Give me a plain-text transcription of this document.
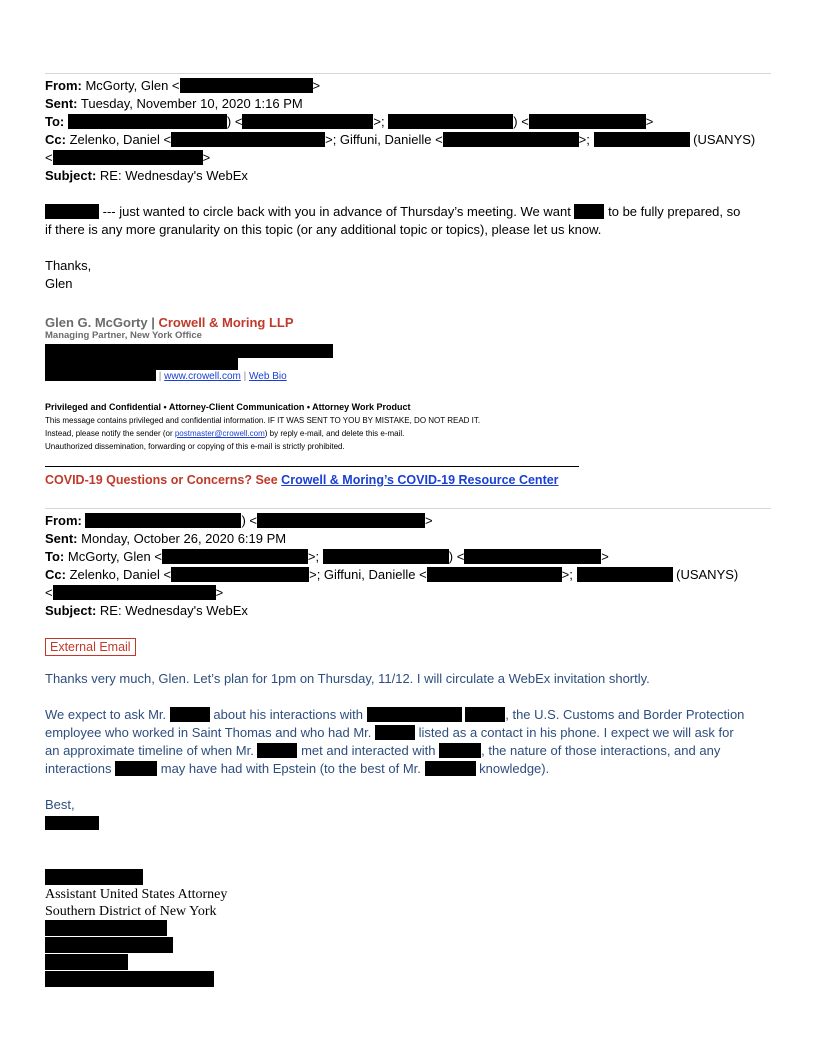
From: McGorty, Glen <	>
Sent: Tuesday, November 10, 2020 1:16 PM
To:	) <	>;	) <	>
Cc: Zelenko, Daniel <	>; Giffuni, Danielle <	>;	(USANYS)
<	>
Subject: RE: Wednesday's WebEx
--- just wanted to circle back with you in advance of Thursday’s meeting. We want	to be fully prepared, so
if there is any more granularity on this topic (or any additional topic or topics), please let us know.
Thanks,
Glen
Glen G. McGorty | Crowell & Moring LLP
Managing Partner, New York Office
| www.crowell.com | Web Bio
Privileged and Confidential • Attorney-Client Communication • Attorney Work Product
This message contains privileged and confidential information. IF IT WAS SENT TO YOU BY MISTAKE, DO NOT READ IT.
Instead, please notify the sender (or postmaster@crowell.com) by reply e-mail, and delete this e-mail.
Unauthorized dissemination, forwarding or copying of this e-mail is strictly prohibited.
COVID-19 Questions or Concerns? See Crowell & Moring’s COVID-19 Resource Center
From:	) <	>
Sent: Monday, October 26, 2020 6:19 PM
To: McGorty, Glen <	>;	) <	>
Cc: Zelenko, Daniel <	>; Giffuni, Danielle <	>;	(USANYS)
<	>
Subject: RE: Wednesday's WebEx
External Email
Thanks very much, Glen. Let’s plan for 1pm on Thursday, 11/12. I will circulate a WebEx invitation shortly.
We expect to ask Mr.	about his interactions with	, the U.S. Customs and Border Protection
employee who worked in Saint Thomas and who had Mr.	listed as a contact in his phone. I expect we will ask for
an approximate timeline of when Mr.	met and interacted with	, the nature of those interactions, and any
interactions	may have had with Epstein (to the best of Mr.	knowledge).
Best,
Assistant United States Attorney
Southern District of New York
